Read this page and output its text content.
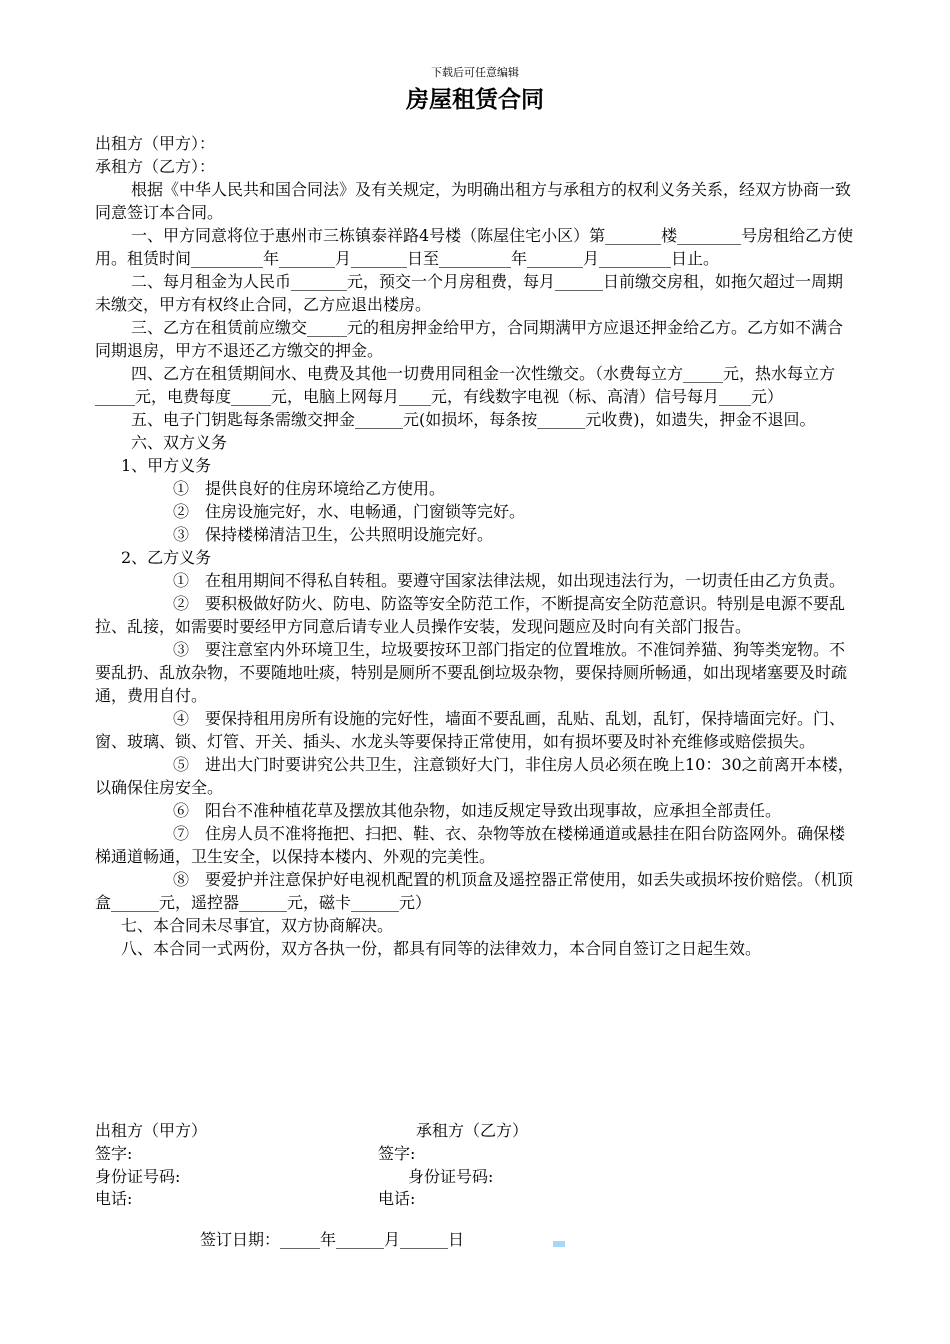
下载后可任意编辑
房屋租赁合同

出租方（甲方）：

承租方（乙方）：

根据《中华人民共和国合同法》及有关规定，为明确出租方与承租方的权利义务关系，经双方协商一致同意签订本合同。

一、甲方同意将位于惠州市三栋镇泰祥路4号楼（陈屋住宅小区）第_______楼________号房租给乙方使用。租赁时间_________年_______月_______日至_________年_______月_________日止。

二、每月租金为人民币_______元，预交一个月房租费，每月______日前缴交房租，如拖欠超过一周期未缴交，甲方有权终止合同，乙方应退出楼房。

三、乙方在租赁前应缴交_____元的租房押金给甲方，合同期满甲方应退还押金给乙方。乙方如不满合同期退房，甲方不退还乙方缴交的押金。

四、乙方在租赁期间水、电费及其他一切费用同租金一次性缴交。（水费每立方_____元，热水每立方_____元，电费每度_____元，电脑上网每月____元，有线数字电视（标、高清）信号每月____元）

五、电子门钥匙每条需缴交押金______元(如损坏，每条按______元收费)，如遗失，押金不退回。

六、双方义务

1、甲方义务

①　提供良好的住房环境给乙方使用。

②　住房设施完好，水、电畅通，门窗锁等完好。

③　保持楼梯清洁卫生，公共照明设施完好。

2、乙方义务

①　在租用期间不得私自转租。要遵守国家法律法规，如出现违法行为，一切责任由乙方负责。

②　要积极做好防火、防电、防盗等安全防范工作，不断提高安全防范意识。特别是电源不要乱拉、乱接，如需要时要经甲方同意后请专业人员操作安装，发现问题应及时向有关部门报告。

③　要注意室内外环境卫生，垃圾要按环卫部门指定的位置堆放。不准饲养猫、狗等类宠物。不要乱扔、乱放杂物，不要随地吐痰，特别是厕所不要乱倒垃圾杂物，要保持厕所畅通，如出现堵塞要及时疏通，费用自付。

④　要保持租用房所有设施的完好性，墙面不要乱画，乱贴、乱划，乱钉，保持墙面完好。门、窗、玻璃、锁、灯管、开关、插头、水龙头等要保持正常使用，如有损坏要及时补充维修或赔偿损失。

⑤　进出大门时要讲究公共卫生，注意锁好大门，非住房人员必须在晚上10：30之前离开本楼，以确保住房安全。

⑥　阳台不准种植花草及摆放其他杂物，如违反规定导致出现事故，应承担全部责任。

⑦　住房人员不准将拖把、扫把、鞋、衣、杂物等放在楼梯通道或悬挂在阳台防盗网外。确保楼梯通道畅通，卫生安全，以保持本楼内、外观的完美性。

⑧　要爱护并注意保护好电视机配置的机顶盒及遥控器正常使用，如丢失或损坏按价赔偿。（机顶盒______元，遥控器______元，磁卡______元）

七、本合同未尽事宜，双方协商解决。

八、本合同一式两份，双方各执一份，都具有同等的法律效力，本合同自签订之日起生效。

出租方（甲方）	承租方（乙方）
签字:	签字:
身份证号码:	身份证号码:
电话:	电话:
签订日期：_____年______月______日
